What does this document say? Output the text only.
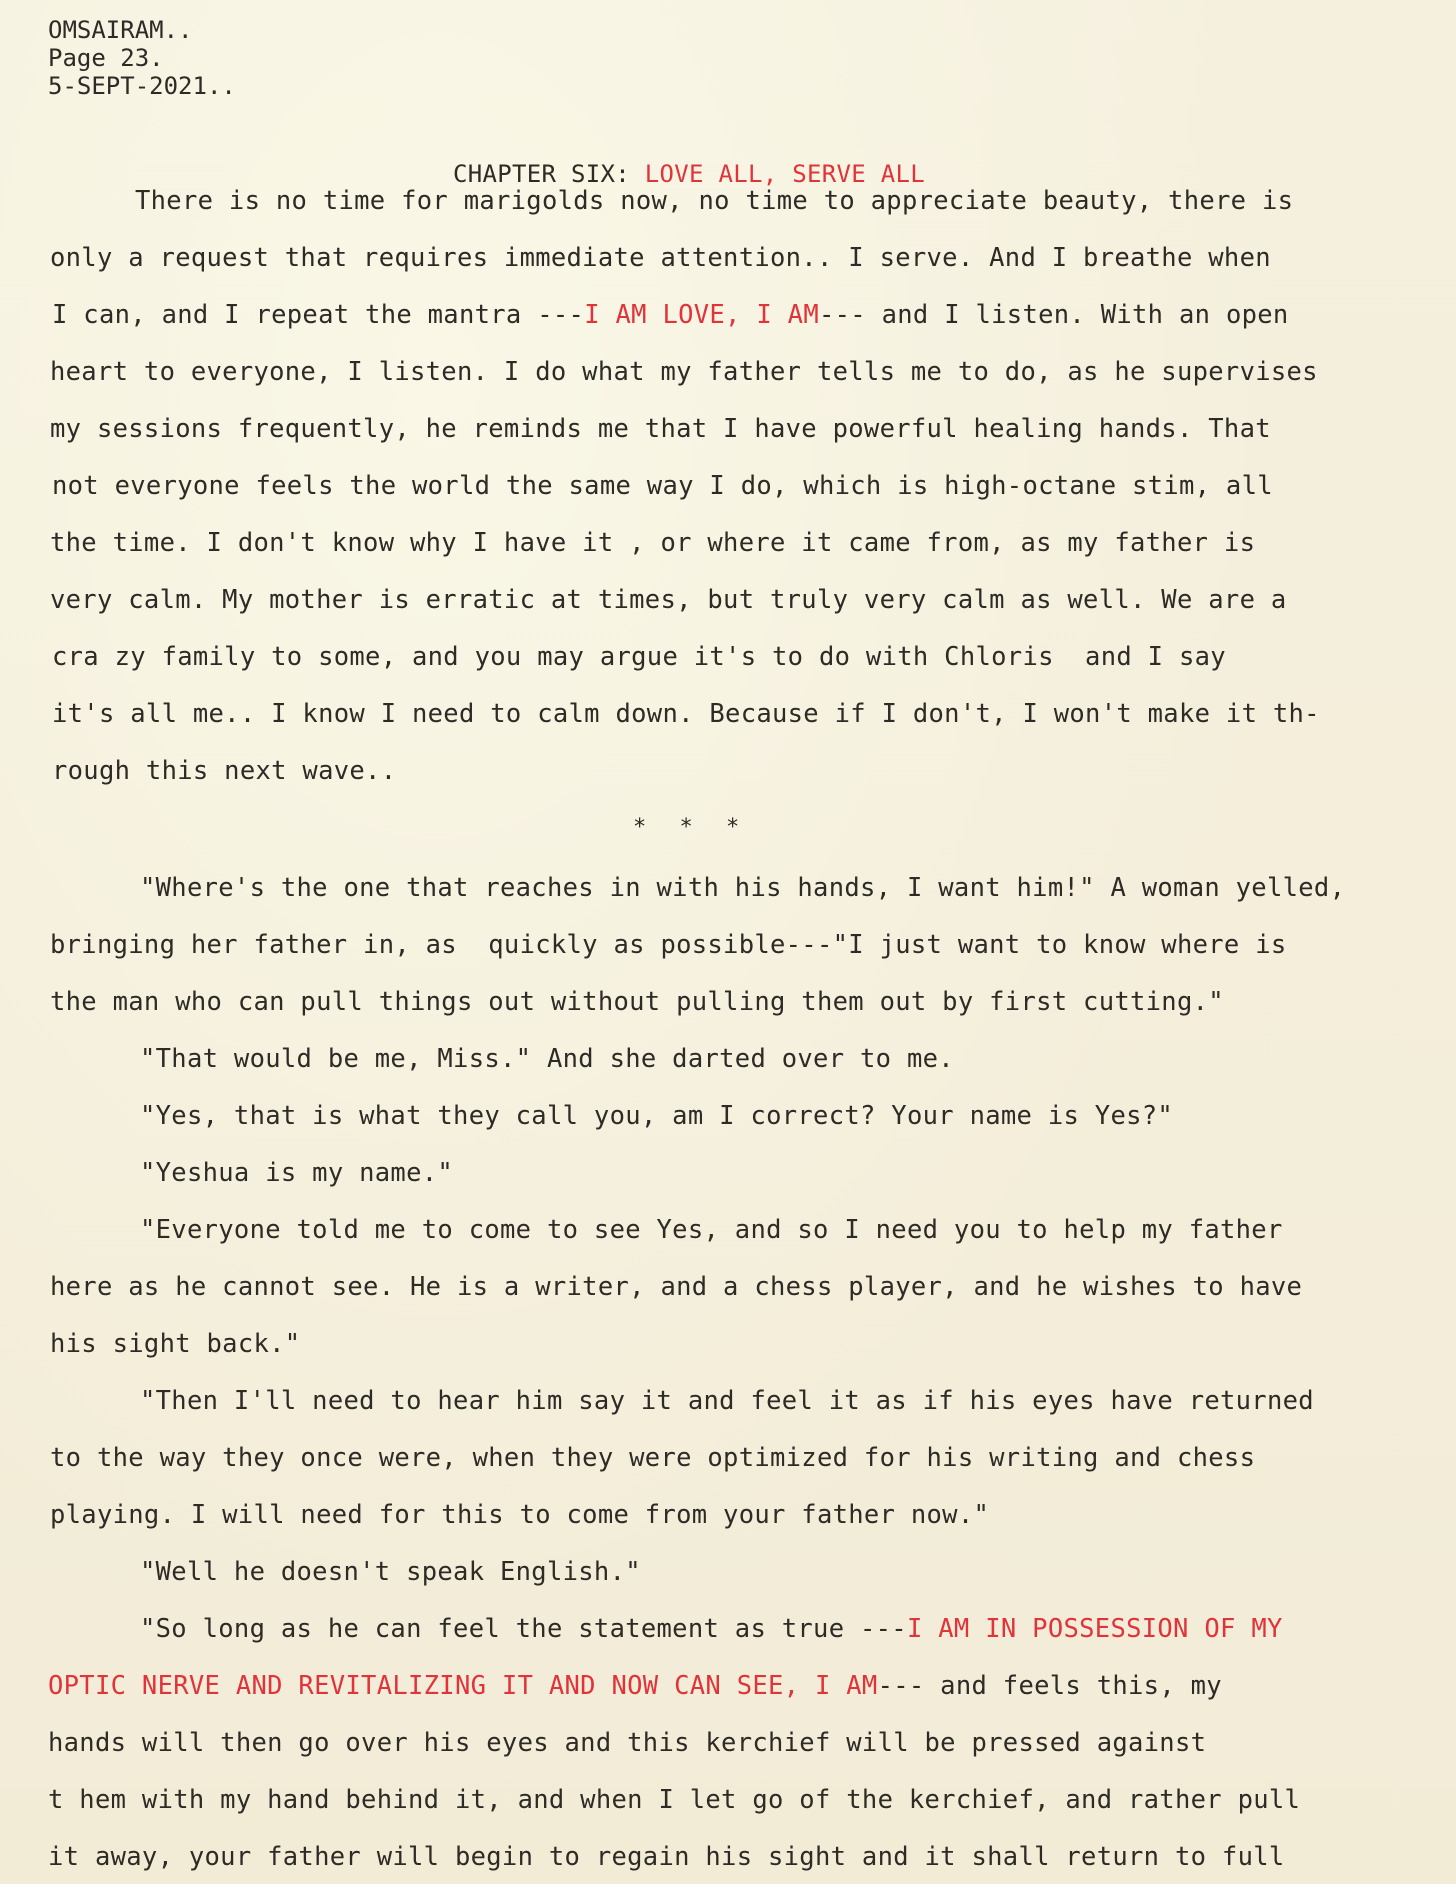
OMSAIRAM..
Page 23.
5-SEPT-2021..

CHAPTER SIX: LOVE ALL, SERVE ALL

There is no time for marigolds now, no time to appreciate beauty, there is
only a request that requires immediate attention.. I serve. And I breathe when
I can, and I repeat the mantra ---I AM LOVE, I AM--- and I listen. With an open
heart to everyone, I listen. I do what my father tells me to do, as he supervises
my sessions frequently, he reminds me that I have powerful healing hands. That
not everyone feels the world the same way I do, which is high-octane stim, all
the time. I don't know why I have it , or where it came from, as my father is
very calm. My mother is erratic at times, but truly very calm as well. We are a
cra zy family to some, and you may argue it's to do with Chloris  and I say
it's all me.. I know I need to calm down. Because if I don't, I won't make it th-
rough this next wave..
* * *
"Where's the one that reaches in with his hands, I want him!" A woman yelled,
bringing her father in, as  quickly as possible---"I just want to know where is
the man who can pull things out without pulling them out by first cutting."
"That would be me, Miss." And she darted over to me.
"Yes, that is what they call you, am I correct? Your name is Yes?"
"Yeshua is my name."
"Everyone told me to come to see Yes, and so I need you to help my father
here as he cannot see. He is a writer, and a chess player, and he wishes to have
his sight back."
"Then I'll need to hear him say it and feel it as if his eyes have returned
to the way they once were, when they were optimized for his writing and chess
playing. I will need for this to come from your father now."
"Well he doesn't speak English."
"So long as he can feel the statement as true ---I AM IN POSSESSION OF MY
OPTIC NERVE AND REVITALIZING IT AND NOW CAN SEE, I AM--- and feels this, my
hands will then go over his eyes and this kerchief will be pressed against
t hem with my hand behind it, and when I let go of the kerchief, and rather pull
it away, your father will begin to regain his sight and it shall return to full
